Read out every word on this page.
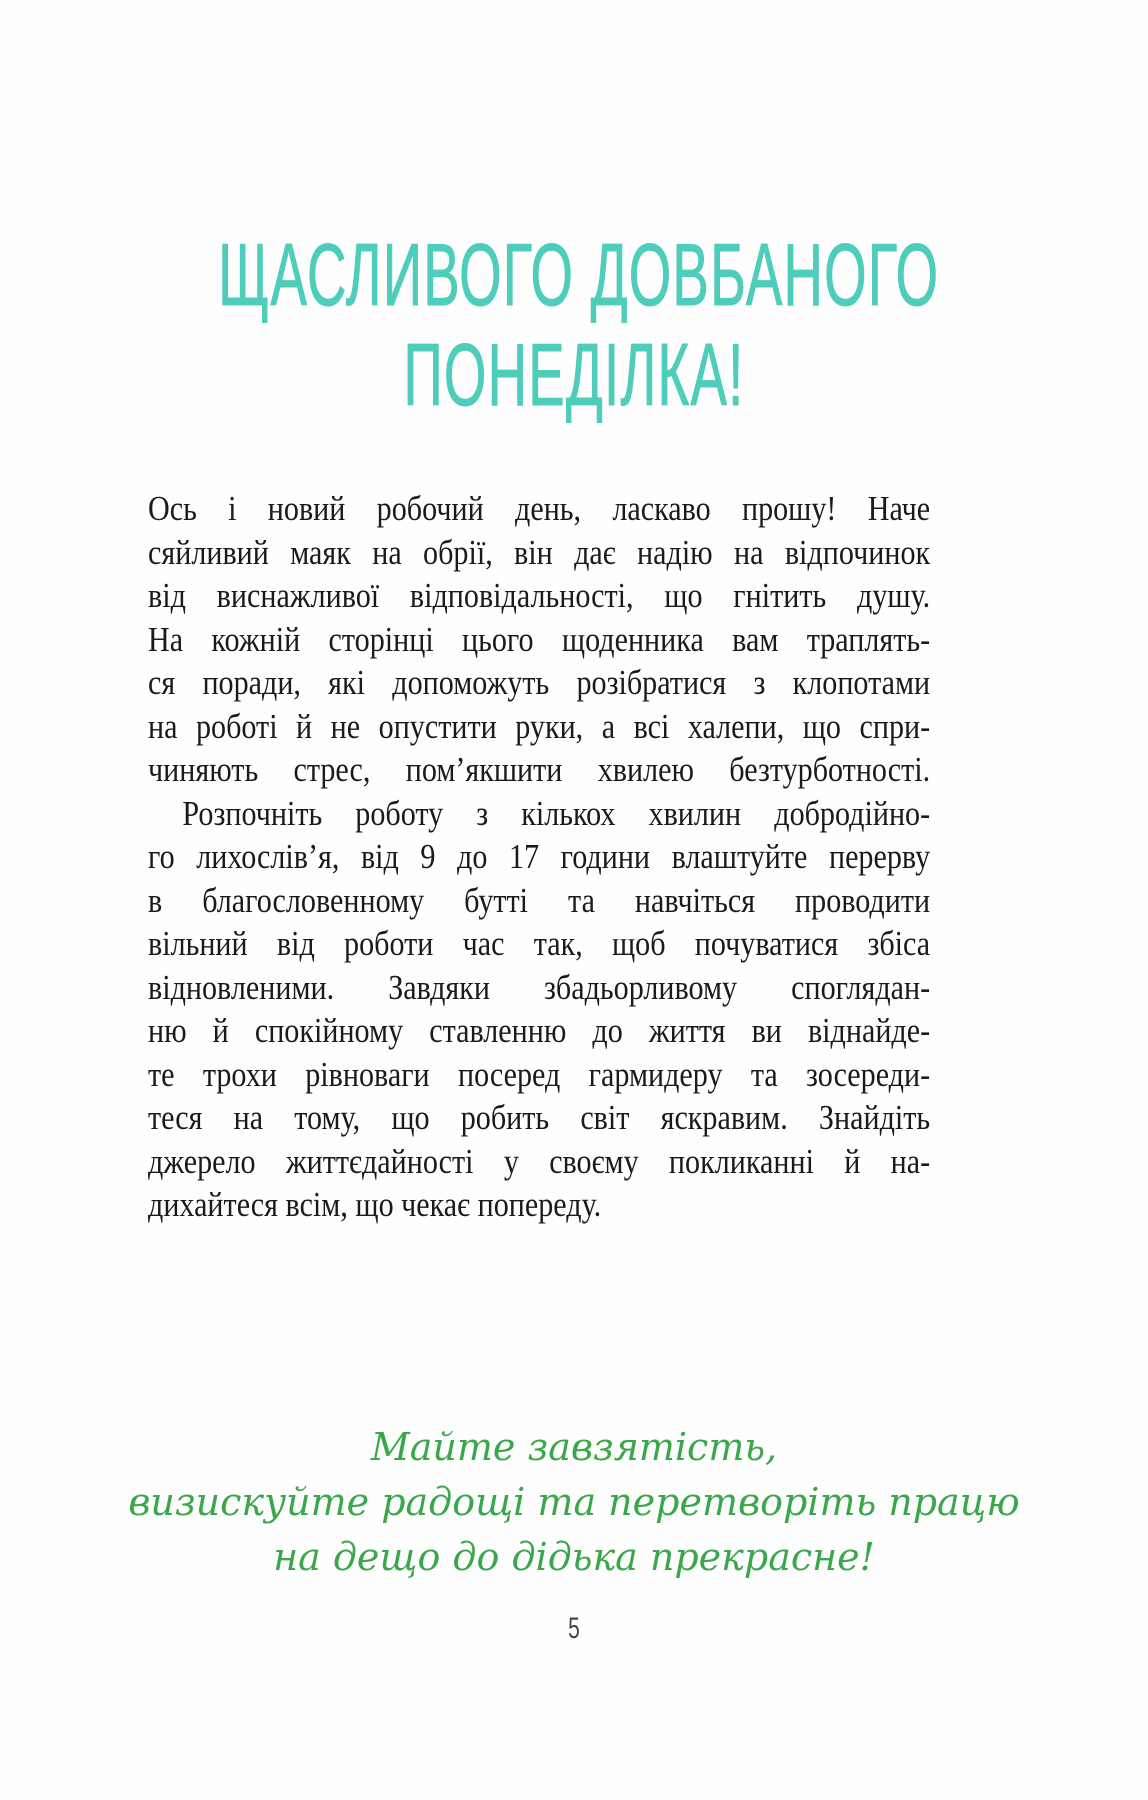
ЩАСЛИВОГО ДОВБАНОГО
ПОНЕДІЛКА!
Ось і новий робочий день, ласкаво прошу! Наче
сяйливий маяк на обрії, він дає надію на відпочинок
від виснажливої відповідальності, що гнітить душу.
На кожній сторінці цього щоденника вам траплять-
ся поради, які допоможуть розібратися з клопотами
на роботі й не опустити руки, а всі халепи, що спри-
чиняють стрес, пом’якшити хвилею безтурботності.
Розпочніть роботу з кількох хвилин добродійно-
го лихослів’я, від 9 до 17 години влаштуйте перерву
в благословенному бутті та навчіться проводити
вільний від роботи час так, щоб почуватися збіса
відновленими. Завдяки збадьорливому споглядан-
ню й спокійному ставленню до життя ви віднайде-
те трохи рівноваги посеред гармидеру та зосереди-
теся на тому, що робить світ яскравим. Знайдіть
джерело життєдайності у своєму покликанні й на-
дихайтеся всім, що чекає попереду.
Майте завзятість,
визискуйте радощі та перетворіть працю
на дещо до дідька прекрасне!
5
